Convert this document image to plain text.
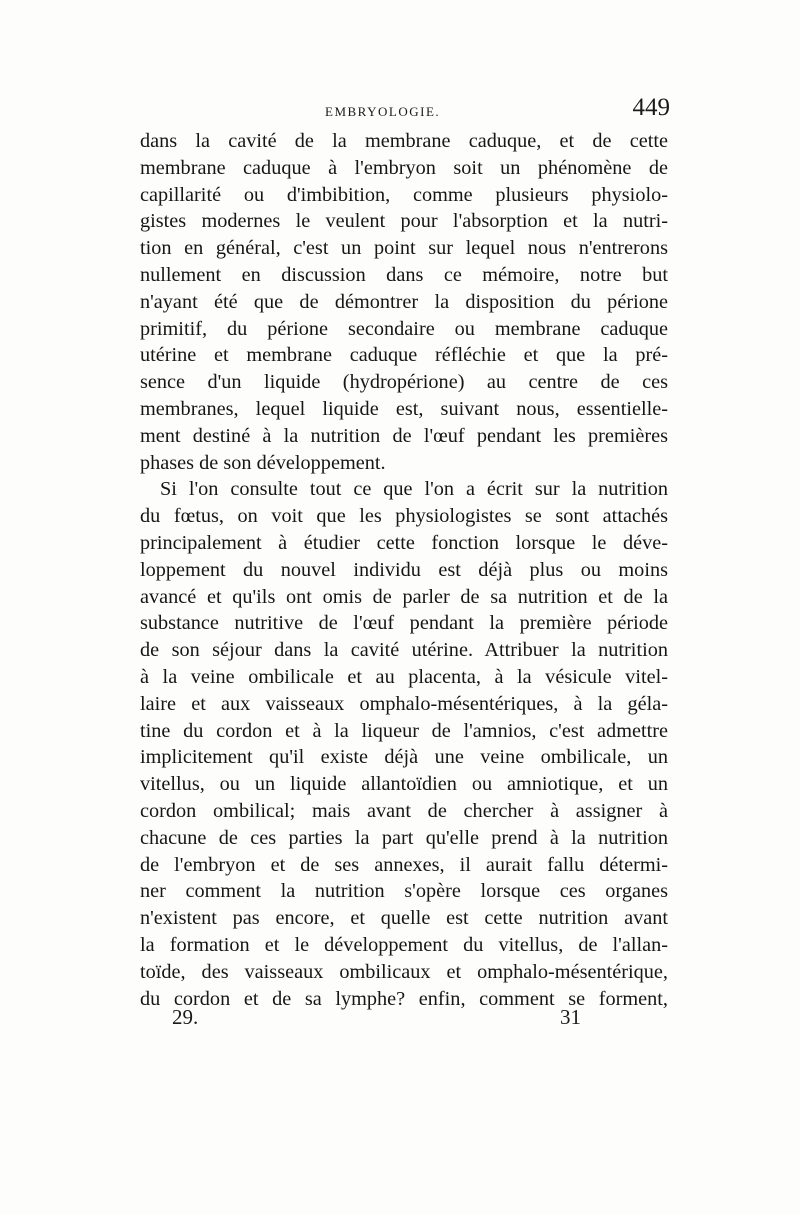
EMBRYOLOGIE.	449
dans la cavité de la membrane caduque, et de cette
membrane caduque à l'embryon soit un phénomène de
capillarité ou d'imbibition, comme plusieurs physiolo-
gistes modernes le veulent pour l'absorption et la nutri-
tion en général, c'est un point sur lequel nous n'entrerons
nullement en discussion dans ce mémoire, notre but
n'ayant été que de démontrer la disposition du périone
primitif, du périone secondaire ou membrane caduque
utérine et membrane caduque réfléchie et que la pré-
sence d'un liquide (hydropérione) au centre de ces
membranes, lequel liquide est, suivant nous, essentielle-
ment destiné à la nutrition de l'œuf pendant les premières
phases de son développement.
Si l'on consulte tout ce que l'on a écrit sur la nutrition
du fœtus, on voit que les physiologistes se sont attachés
principalement à étudier cette fonction lorsque le déve-
loppement du nouvel individu est déjà plus ou moins
avancé et qu'ils ont omis de parler de sa nutrition et de la
substance nutritive de l'œuf pendant la première période
de son séjour dans la cavité utérine. Attribuer la nutrition
à la veine ombilicale et au placenta, à la vésicule vitel-
laire et aux vaisseaux omphalo-mésentériques, à la géla-
tine du cordon et à la liqueur de l'amnios, c'est admettre
implicitement qu'il existe déjà une veine ombilicale, un
vitellus, ou un liquide allantoïdien ou amniotique, et un
cordon ombilical; mais avant de chercher à assigner à
chacune de ces parties la part qu'elle prend à la nutrition
de l'embryon et de ses annexes, il aurait fallu détermi-
ner comment la nutrition s'opère lorsque ces organes
n'existent pas encore, et quelle est cette nutrition avant
la formation et le développement du vitellus, de l'allan-
toïde, des vaisseaux ombilicaux et omphalo-mésentérique,
du cordon et de sa lymphe? enfin, comment se forment,
29.	31
